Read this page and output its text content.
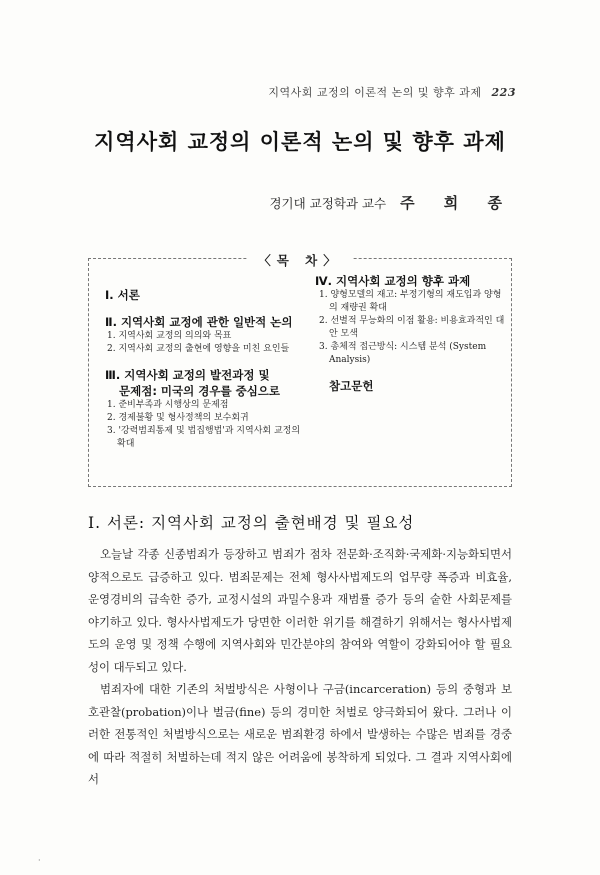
지역사회 교정의 이론적 논의 및 향후 과제 223
지역사회 교정의 이론적 논의 및 향후 과제
경기대 교정학과 교수 주 희 종
〈목 차〉
Ⅰ. 서론
Ⅱ. 지역사회 교정에 관한 일반적 논의
1. 지역사회 교정의 의의와 목표
2. 지역사회 교정의 출현에 영향을 미친 요인들
Ⅲ. 지역사회 교정의 발전과정 및
문제점: 미국의 경우를 중심으로
1. 준비부족과 시행상의 문제점
2. 경제불황 및 형사정책의 보수회귀
3. '강력범죄통제 및 법집행법'과 지역사회 교정의 확대
Ⅳ. 지역사회 교정의 향후 과제
1. 양형모델의 재고: 부정기형의 재도입과 양형의 재량권 확대
2. 선별적 무능화의 이점 활용: 비용효과적인 대안 모색
3. 총체적 접근방식: 시스템 분석 (System Analysis)
참고문헌
Ⅰ. 서론: 지역사회 교정의 출현배경 및 필요성

오늘날 각종 신종범죄가 등장하고 범죄가 점차 전문화·조직화·국제화·지능화되면서 양적으로도 급증하고 있다. 범죄문제는 전체 형사사법제도의 업무량 폭증과 비효율, 운영경비의 급속한 증가, 교정시설의 과밀수용과 재범률 증가 등의 숱한 사회문제를 야기하고 있다. 형사사법제도가 당면한 이러한 위기를 해결하기 위해서는 형사사법제도의 운영 및 정책 수행에 지역사회와 민간분야의 참여와 역할이 강화되어야 할 필요성이 대두되고 있다.

범죄자에 대한 기존의 처벌방식은 사형이나 구금(incarceration) 등의 중형과 보호관찰(probation)이나 벌금(fine) 등의 경미한 처벌로 양극화되어 왔다. 그러나 이러한 전통적인 처벌방식으로는 새로운 범죄환경 하에서 발생하는 수많은 범죄를 경중에 따라 적절히 처벌하는데 적지 않은 어려움에 봉착하게 되었다. 그 결과 지역사회에서

·
